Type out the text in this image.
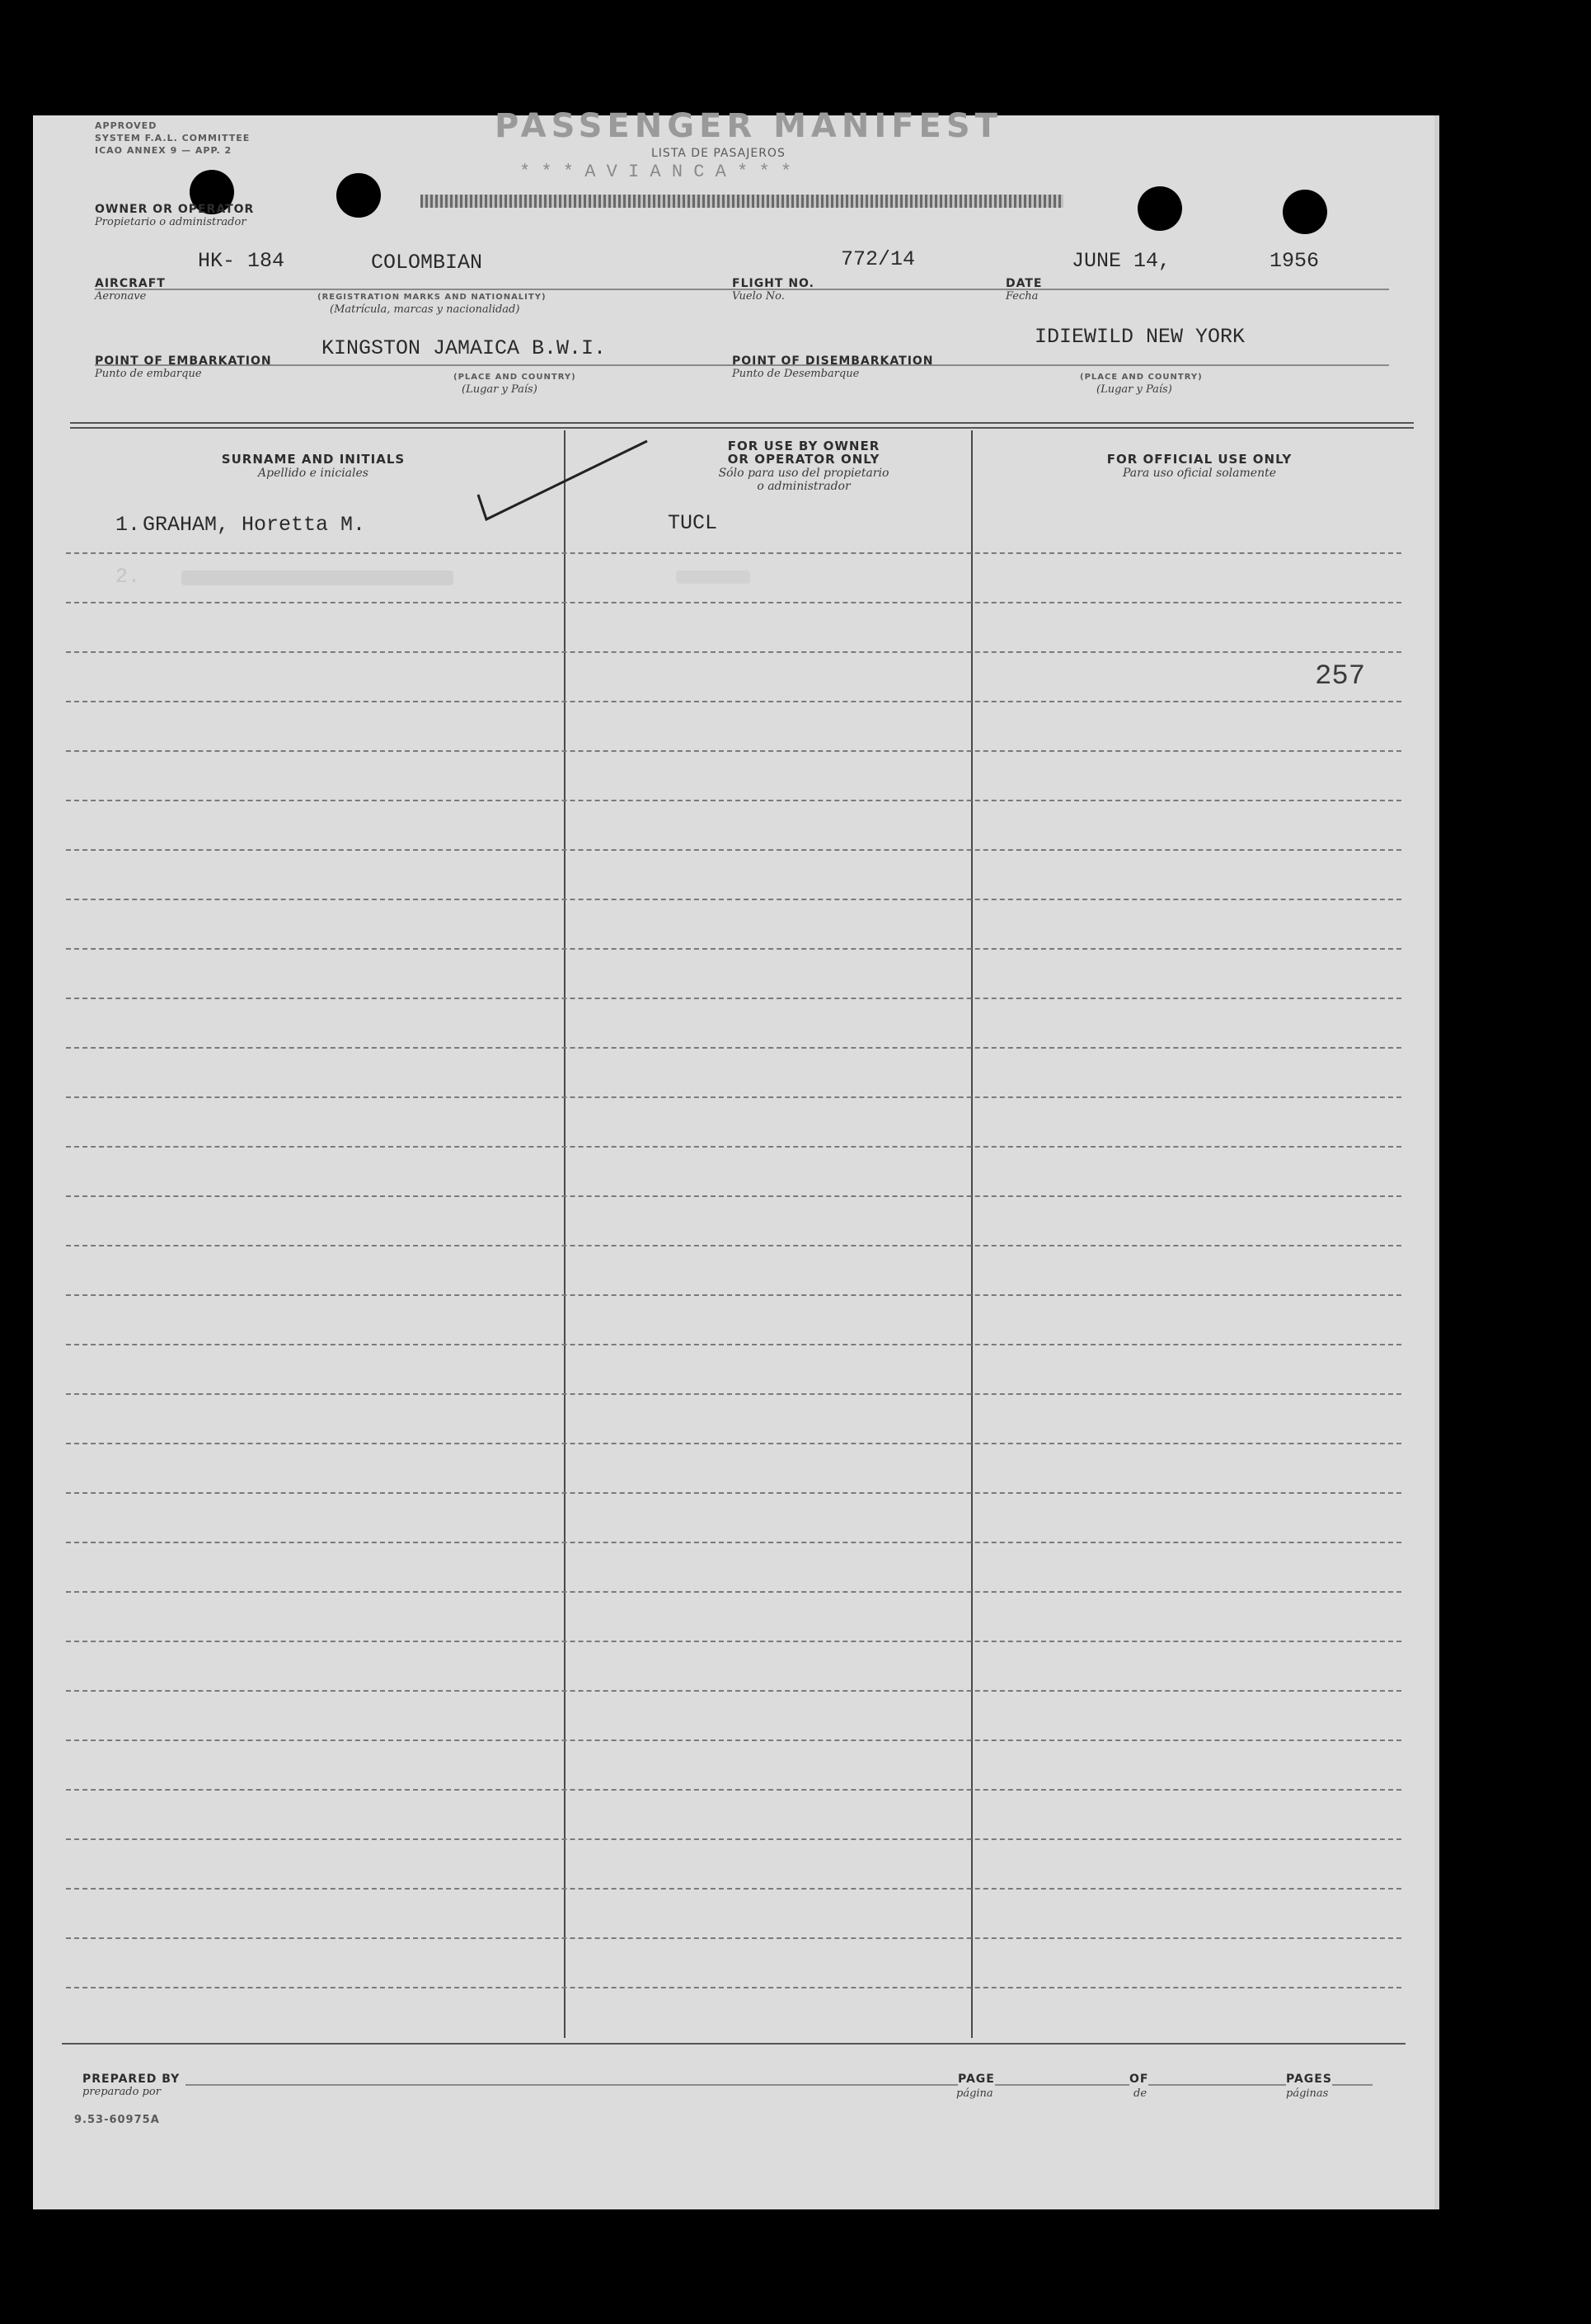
APPROVED
SYSTEM F.A.L. COMMITTEE
ICAO ANNEX 9 — APP. 2
PASSENGER MANIFEST
LISTA DE PASAJEROS
* * * A V I A N C A * * *
OWNER OR OPERATOR
Propietario o administrador
HK- 184	COLOMBIAN	772/14	JUNE 14,	1956
AIRCRAFT
Aeronave	(REGISTRATION MARKS AND NATIONALITY)
(Matrícula, marcas y nacionalidad)
FLIGHT NO.
Vuelo No.
DATE
Fecha
KINGSTON JAMAICA B.W.I.	IDIEWILD NEW YORK
POINT OF EMBARKATION
Punto de embarque	(PLACE AND COUNTRY)
(Lugar y País)
POINT OF DISEMBARKATION
Punto de Desembarque	(PLACE AND COUNTRY)
(Lugar y País)
SURNAME AND INITIALS
Apellido e iniciales
FOR USE BY OWNER
OR OPERATOR ONLY
Sólo para uso del propietario
o administrador
FOR OFFICIAL USE ONLY
Para uso oficial solamente
1. GRAHAM, Horetta M.	TUCL
2.
257
PREPARED BY
preparado por
9.53-60975A
PAGE
página
OF
de
PAGES
páginas
